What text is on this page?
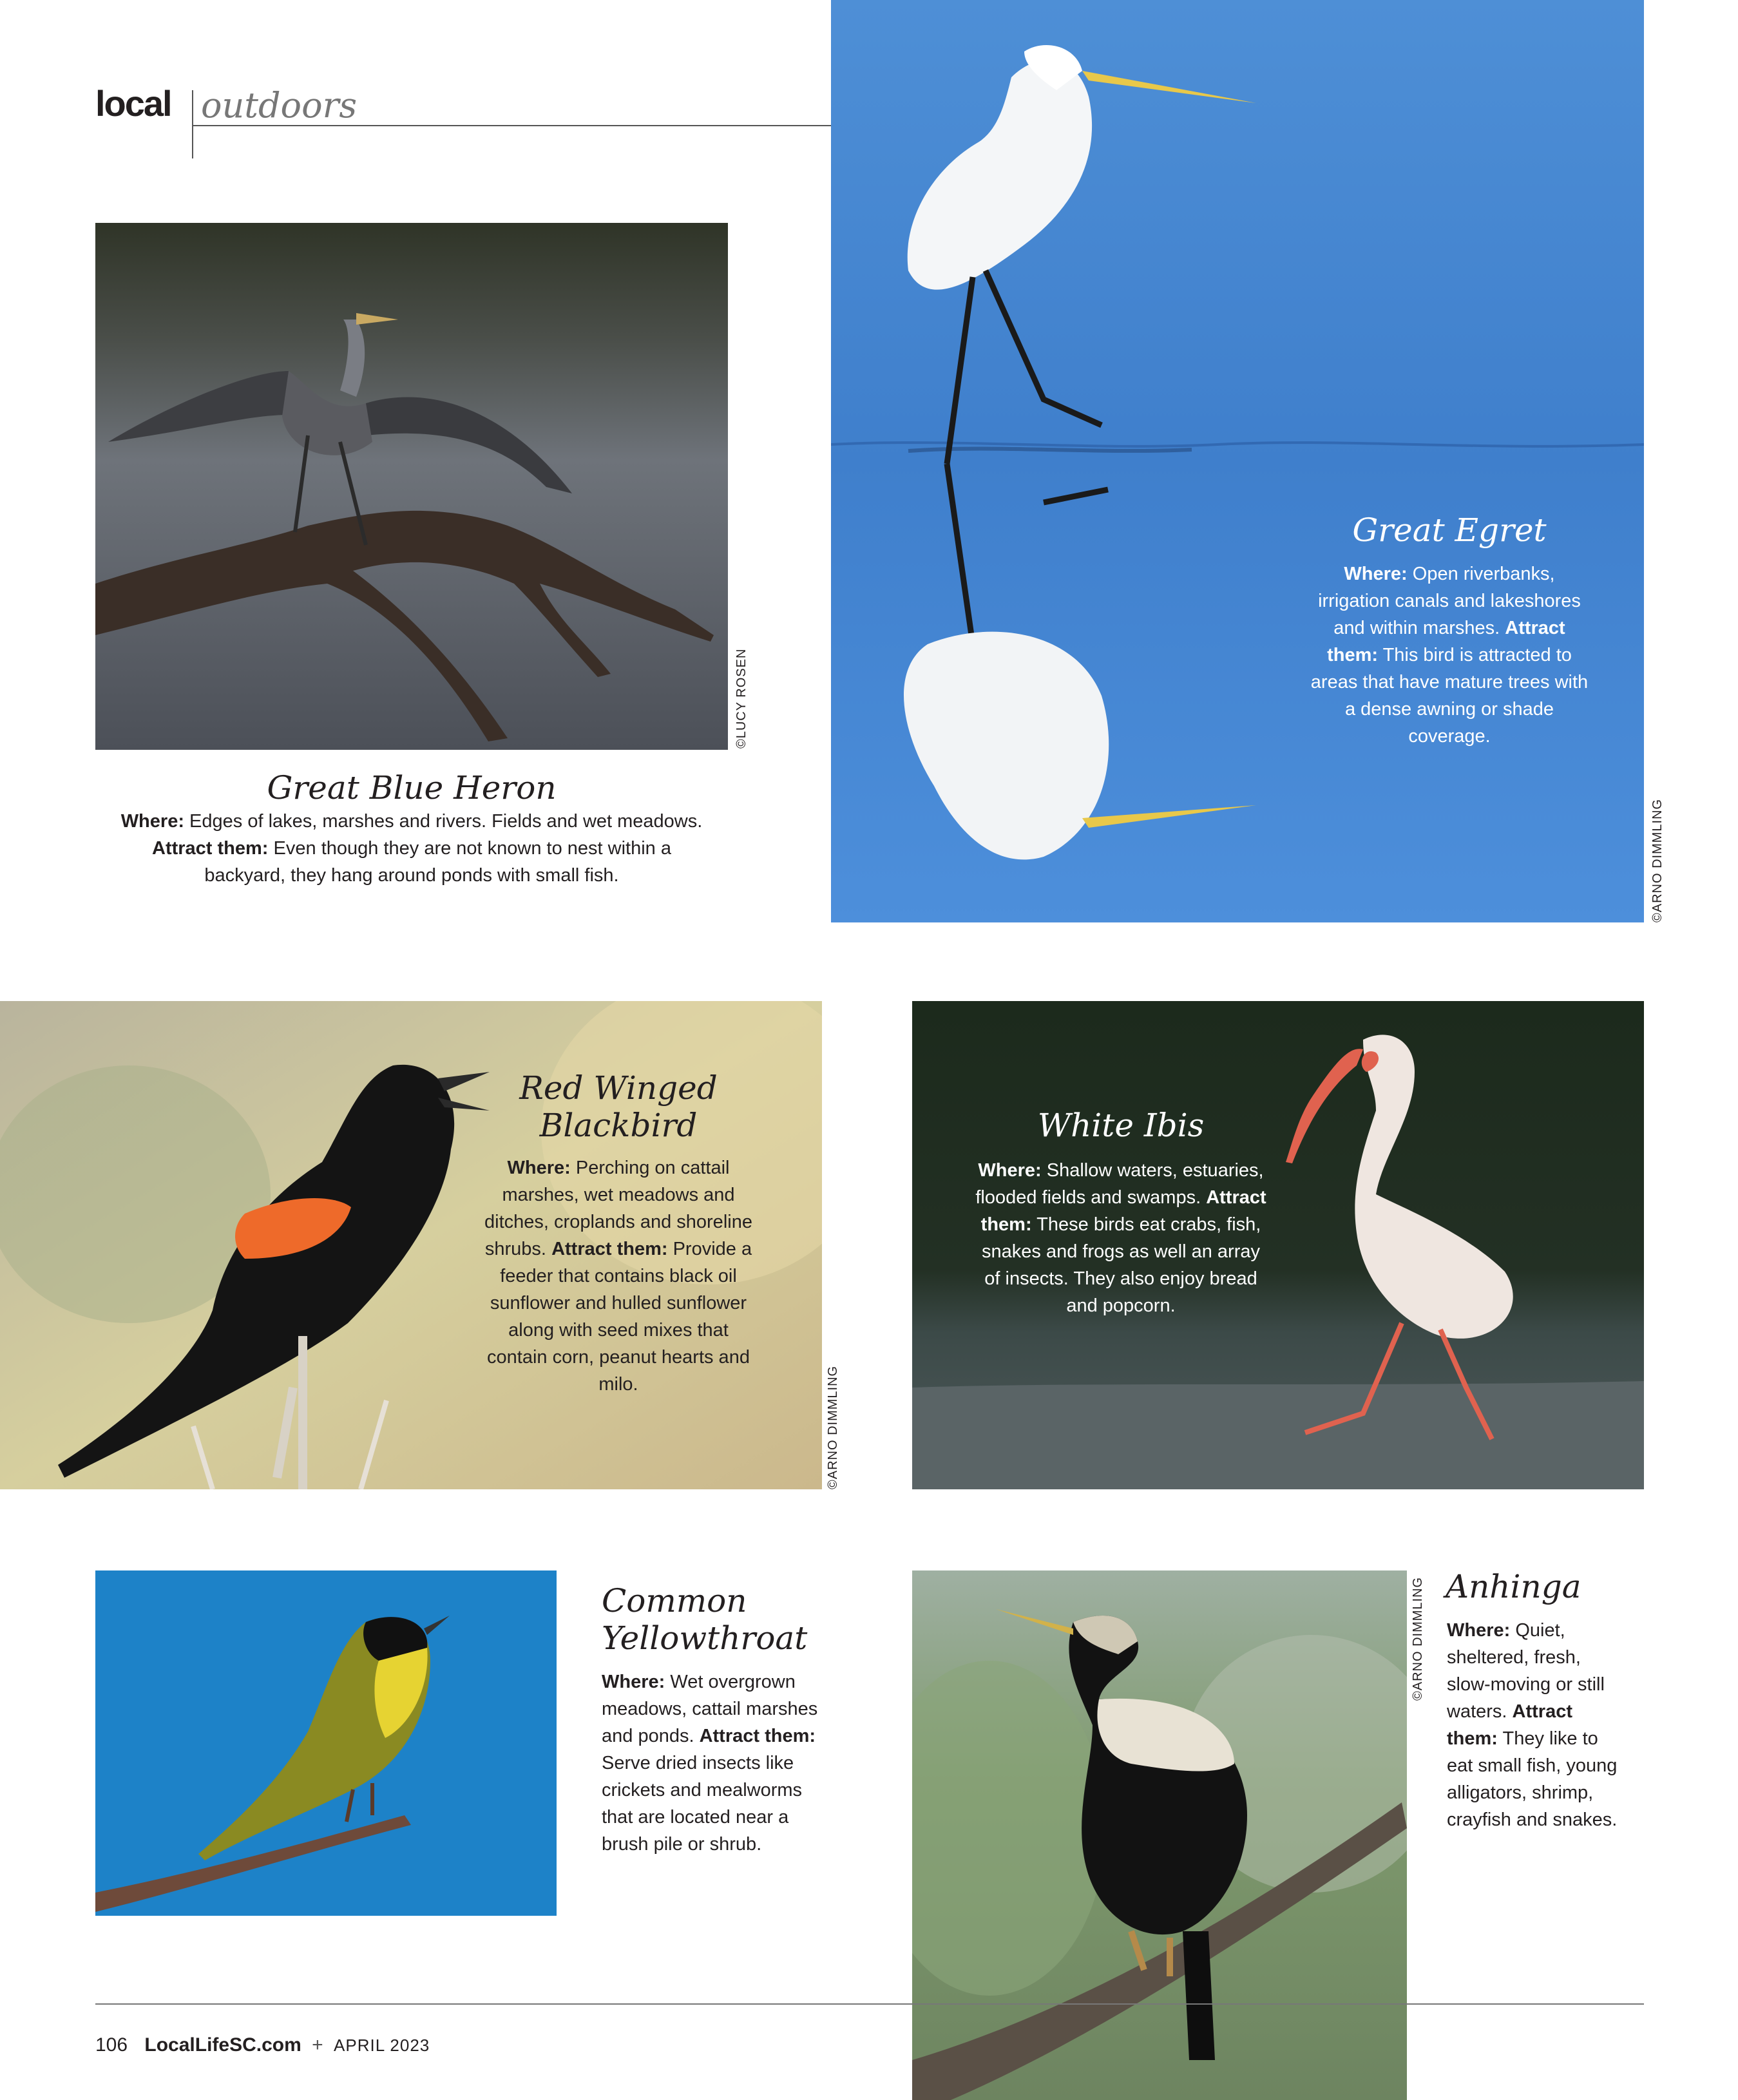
local outdoors
©LUCY ROSEN
Great Blue Heron
Where: Edges of lakes, marshes and rivers. Fields and wet meadows. Attract them: Even though they are not known to nest within a backyard, they hang around ponds with small fish.	©ARNO DIMMLING
Great Egret
Where: Open riverbanks, irrigation canals and lakeshores and within marshes. Attract them: This bird is attracted to areas that have mature trees with a dense awning or shade coverage.
©ARNO DIMMLING
Red Winged
Blackbird
Where: Perching on cattail marshes, wet meadows and ditches, croplands and shoreline shrubs. Attract them: Provide a feeder that contains black oil sunflower and hulled sunflower along with seed mixes that contain corn, peanut hearts and milo.
White Ibis
Where: Shallow waters, estuaries, flooded fields and swamps. Attract them: These birds eat crabs, fish, snakes and frogs as well an array of insects. They also enjoy bread and popcorn.
Common
Yellowthroat
Where: Wet overgrown meadows, cattail marshes and ponds. Attract them: Serve dried insects like crickets and mealworms that are located near a brush pile or shrub.
©ARNO DIMMLING Anhinga
Where: Quiet, sheltered, fresh, slow-moving or still waters. Attract them: They like to eat small fish, young alligators, shrimp, crayfish and snakes.
106 LocalLifeSC.com + APRIL 2023
